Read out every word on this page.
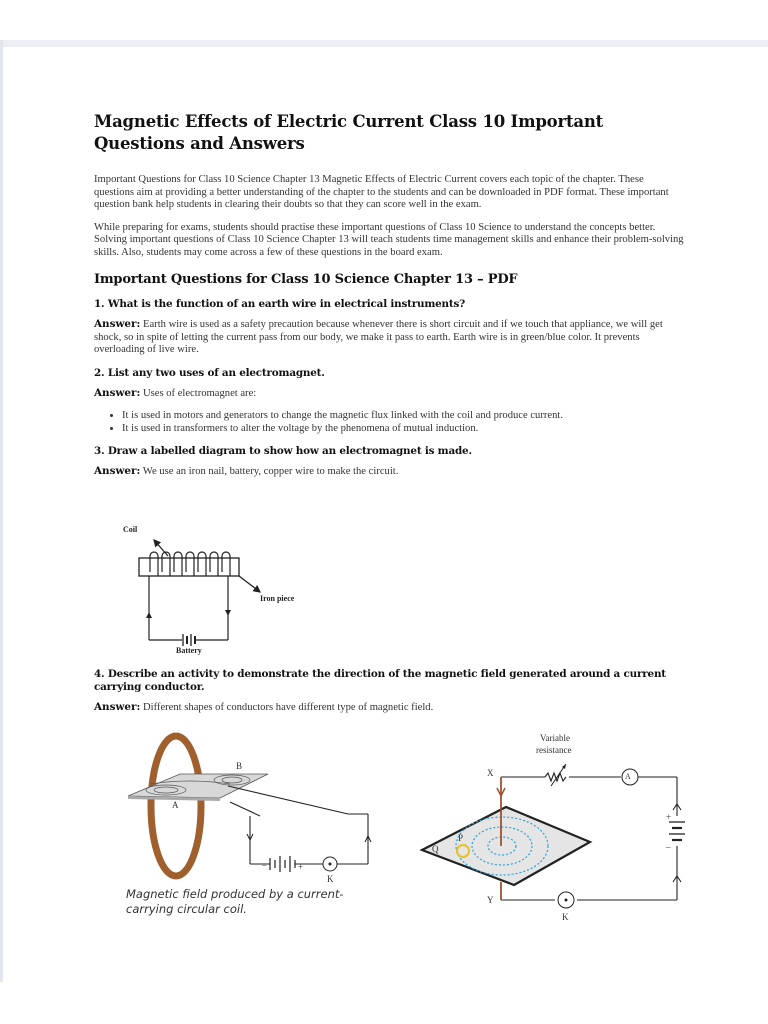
Magnetic Effects of Electric Current Class 10 Important Questions and Answers

Important Questions for Class 10 Science Chapter 13 Magnetic Effects of Electric Current covers each topic of the chapter. These questions aim at providing a better understanding of the chapter to the students and can be downloaded in PDF format. These important question bank help students in clearing their doubts so that they can score well in the exam.

While preparing for exams, students should practise these important questions of Class 10 Science to understand the concepts better. Solving important questions of Class 10 Science Chapter 13 will teach students time management skills and enhance their problem-solving skills. Also, students may come across a few of these questions in the board exam.

Important Questions for Class 10 Science Chapter 13 – PDF
1. What is the function of an earth wire in electrical instruments?

Answer: Earth wire is used as a safety precaution because whenever there is short circuit and if we touch that appliance, we will get shock, so in spite of letting the current pass from our body, we make it pass to earth. Earth wire is in green/blue color. It prevents overloading of live wire.

2. List any two uses of an electromagnet.

Answer: Uses of electromagnet are:

• It is used in motors and generators to change the magnetic flux linked with the coil and produce current.
• It is used in transformers to alter the voltage by the phenomena of mutual induction.
3. Draw a labelled diagram to show how an electromagnet is made.

Answer: We use an iron nail, battery, copper wire to make the circuit.

Coil
Iron piece
Battery
4. Describe an activity to demonstrate the direction of the magnetic field generated around a current carrying conductor.

Answer: Different shapes of conductors have different type of magnetic field.

B
A
–	+
K
Magnetic field produced by a current-
carrying circular coil.
Variable
resistance
X	A
P
Q
+
–
Y
K
